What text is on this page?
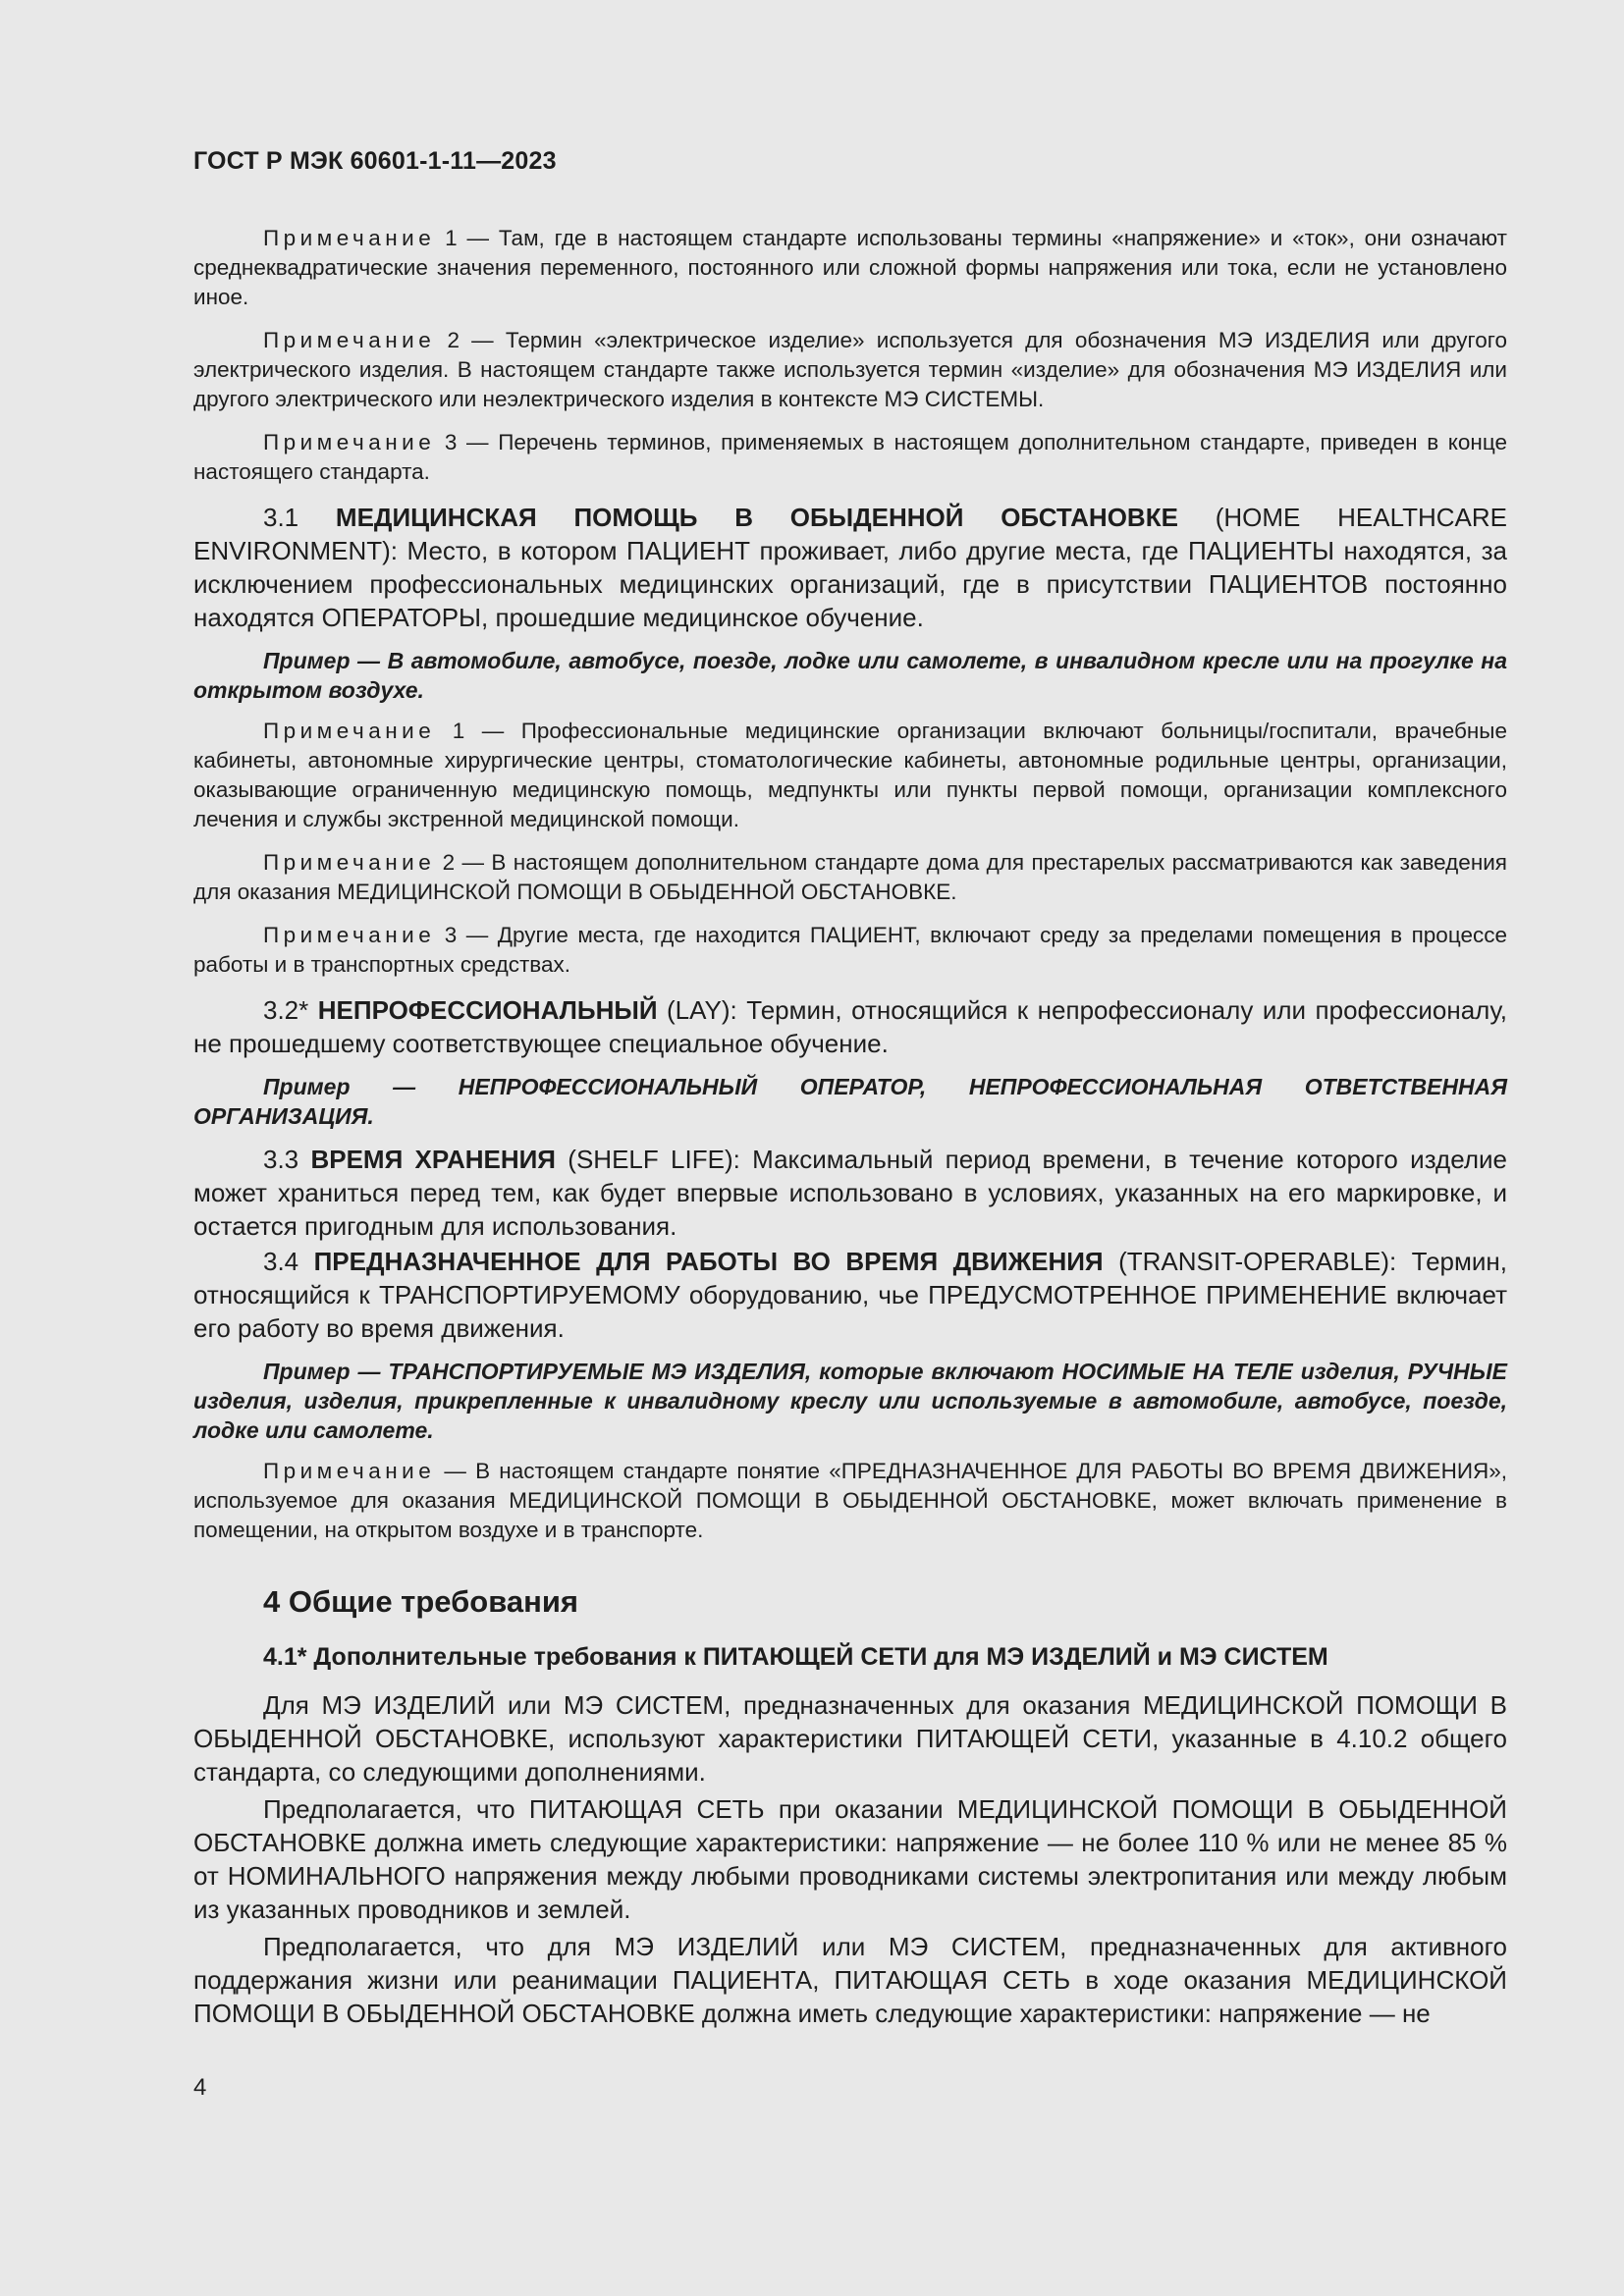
ГОСТ Р МЭК 60601-1-11—2023

Примечание 1 — Там, где в настоящем стандарте использованы термины «напряжение» и «ток», они означают среднеквадратические значения переменного, постоянного или сложной формы напряжения или тока, если не установлено иное.

Примечание 2 — Термин «электрическое изделие» используется для обозначения МЭ ИЗДЕЛИЯ или другого электрического изделия. В настоящем стандарте также используется термин «изделие» для обозначения МЭ ИЗДЕЛИЯ или другого электрического или неэлектрического изделия в контексте МЭ СИСТЕМЫ.

Примечание 3 — Перечень терминов, применяемых в настоящем дополнительном стандарте, приведен в конце настоящего стандарта.

3.1 МЕДИЦИНСКАЯ ПОМОЩЬ В ОБЫДЕННОЙ ОБСТАНОВКЕ (HOME HEALTHCARE ENVIRONMENT): Место, в котором ПАЦИЕНТ проживает, либо другие места, где ПАЦИЕНТЫ находятся, за исключением профессиональных медицинских организаций, где в присутствии ПАЦИЕНТОВ постоянно находятся ОПЕРАТОРЫ, прошедшие медицинское обучение.

Пример — В автомобиле, автобусе, поезде, лодке или самолете, в инвалидном кресле или на прогулке на открытом воздухе.

Примечание 1 — Профессиональные медицинские организации включают больницы/госпитали, врачебные кабинеты, автономные хирургические центры, стоматологические кабинеты, автономные родильные центры, организации, оказывающие ограниченную медицинскую помощь, медпункты или пункты первой помощи, организации комплексного лечения и службы экстренной медицинской помощи.

Примечание 2 — В настоящем дополнительном стандарте дома для престарелых рассматриваются как заведения для оказания МЕДИЦИНСКОЙ ПОМОЩИ В ОБЫДЕННОЙ ОБСТАНОВКЕ.

Примечание 3 — Другие места, где находится ПАЦИЕНТ, включают среду за пределами помещения в процессе работы и в транспортных средствах.

3.2* НЕПРОФЕССИОНАЛЬНЫЙ (LAY): Термин, относящийся к непрофессионалу или профессионалу, не прошедшему соответствующее специальное обучение.

Пример — НЕПРОФЕССИОНАЛЬНЫЙ ОПЕРАТОР, НЕПРОФЕССИОНАЛЬНАЯ ОТВЕТСТВЕННАЯ ОРГАНИЗАЦИЯ.

3.3 ВРЕМЯ ХРАНЕНИЯ (SHELF LIFE): Максимальный период времени, в течение которого изделие может храниться перед тем, как будет впервые использовано в условиях, указанных на его маркировке, и остается пригодным для использования.

3.4 ПРЕДНАЗНАЧЕННОЕ ДЛЯ РАБОТЫ ВО ВРЕМЯ ДВИЖЕНИЯ (TRANSIT-OPERABLE): Термин, относящийся к ТРАНСПОРТИРУЕМОМУ оборудованию, чье ПРЕДУСМОТРЕННОЕ ПРИМЕНЕНИЕ включает его работу во время движения.

Пример — ТРАНСПОРТИРУЕМЫЕ МЭ ИЗДЕЛИЯ, которые включают НОСИМЫЕ НА ТЕЛЕ изделия, РУЧНЫЕ изделия, изделия, прикрепленные к инвалидному креслу или используемые в автомобиле, автобусе, поезде, лодке или самолете.

Примечание — В настоящем стандарте понятие «ПРЕДНАЗНАЧЕННОЕ ДЛЯ РАБОТЫ ВО ВРЕМЯ ДВИЖЕНИЯ», используемое для оказания МЕДИЦИНСКОЙ ПОМОЩИ В ОБЫДЕННОЙ ОБСТАНОВКЕ, может включать применение в помещении, на открытом воздухе и в транспорте.

4 Общие требования
4.1* Дополнительные требования к ПИТАЮЩЕЙ СЕТИ для МЭ ИЗДЕЛИЙ и МЭ СИСТЕМ

Для МЭ ИЗДЕЛИЙ или МЭ СИСТЕМ, предназначенных для оказания МЕДИЦИНСКОЙ ПОМОЩИ В ОБЫДЕННОЙ ОБСТАНОВКЕ, используют характеристики ПИТАЮЩЕЙ СЕТИ, указанные в 4.10.2 общего стандарта, со следующими дополнениями.

Предполагается, что ПИТАЮЩАЯ СЕТЬ при оказании МЕДИЦИНСКОЙ ПОМОЩИ В ОБЫДЕННОЙ ОБСТАНОВКЕ должна иметь следующие характеристики: напряжение — не более 110 % или не менее 85 % от НОМИНАЛЬНОГО напряжения между любыми проводниками системы электропитания или между любым из указанных проводников и землей.

Предполагается, что для МЭ ИЗДЕЛИЙ или МЭ СИСТЕМ, предназначенных для активного поддержания жизни или реанимации ПАЦИЕНТА, ПИТАЮЩАЯ СЕТЬ в ходе оказания МЕДИЦИНСКОЙ ПОМОЩИ В ОБЫДЕННОЙ ОБСТАНОВКЕ должна иметь следующие характеристики: напряжение — не

4
